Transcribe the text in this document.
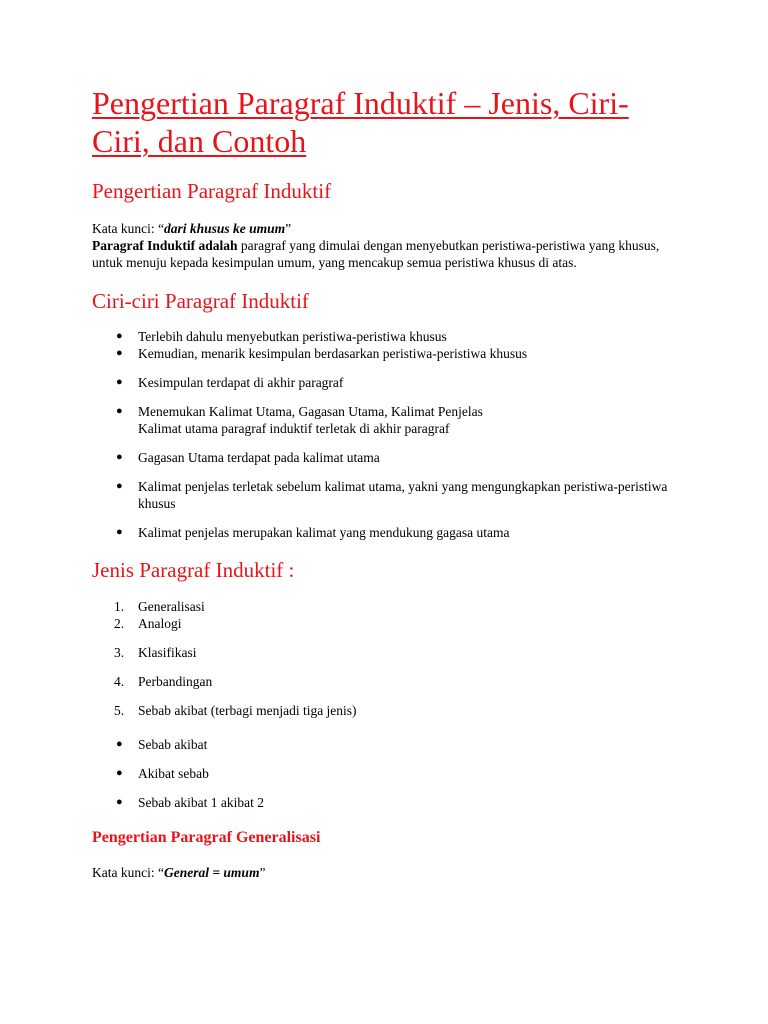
Pengertian Paragraf Induktif – Jenis, Ciri-Ciri, dan Contoh
Pengertian Paragraf Induktif
Kata kunci: “dari khusus ke umum”
Paragraf Induktif adalah paragraf yang dimulai dengan menyebutkan peristiwa-peristiwa yang khusus, untuk menuju kepada kesimpulan umum, yang mencakup semua peristiwa khusus di atas.
Ciri-ciri Paragraf Induktif
● Terlebih dahulu menyebutkan peristiwa-peristiwa khusus
● Kemudian, menarik kesimpulan berdasarkan peristiwa-peristiwa khusus
● Kesimpulan terdapat di akhir paragraf
● Menemukan Kalimat Utama, Gagasan Utama, Kalimat Penjelas
Kalimat utama paragraf induktif terletak di akhir paragraf
● Gagasan Utama terdapat pada kalimat utama
● Kalimat penjelas terletak sebelum kalimat utama, yakni yang mengungkapkan peristiwa-peristiwa khusus
● Kalimat penjelas merupakan kalimat yang mendukung gagasa utama
Jenis Paragraf Induktif :
1. Generalisasi
2. Analogi
3. Klasifikasi
4. Perbandingan
5. Sebab akibat (terbagi menjadi tiga jenis)
● Sebab akibat
● Akibat sebab
● Sebab akibat 1 akibat 2
Pengertian Paragraf Generalisasi
Kata kunci: “General = umum”
